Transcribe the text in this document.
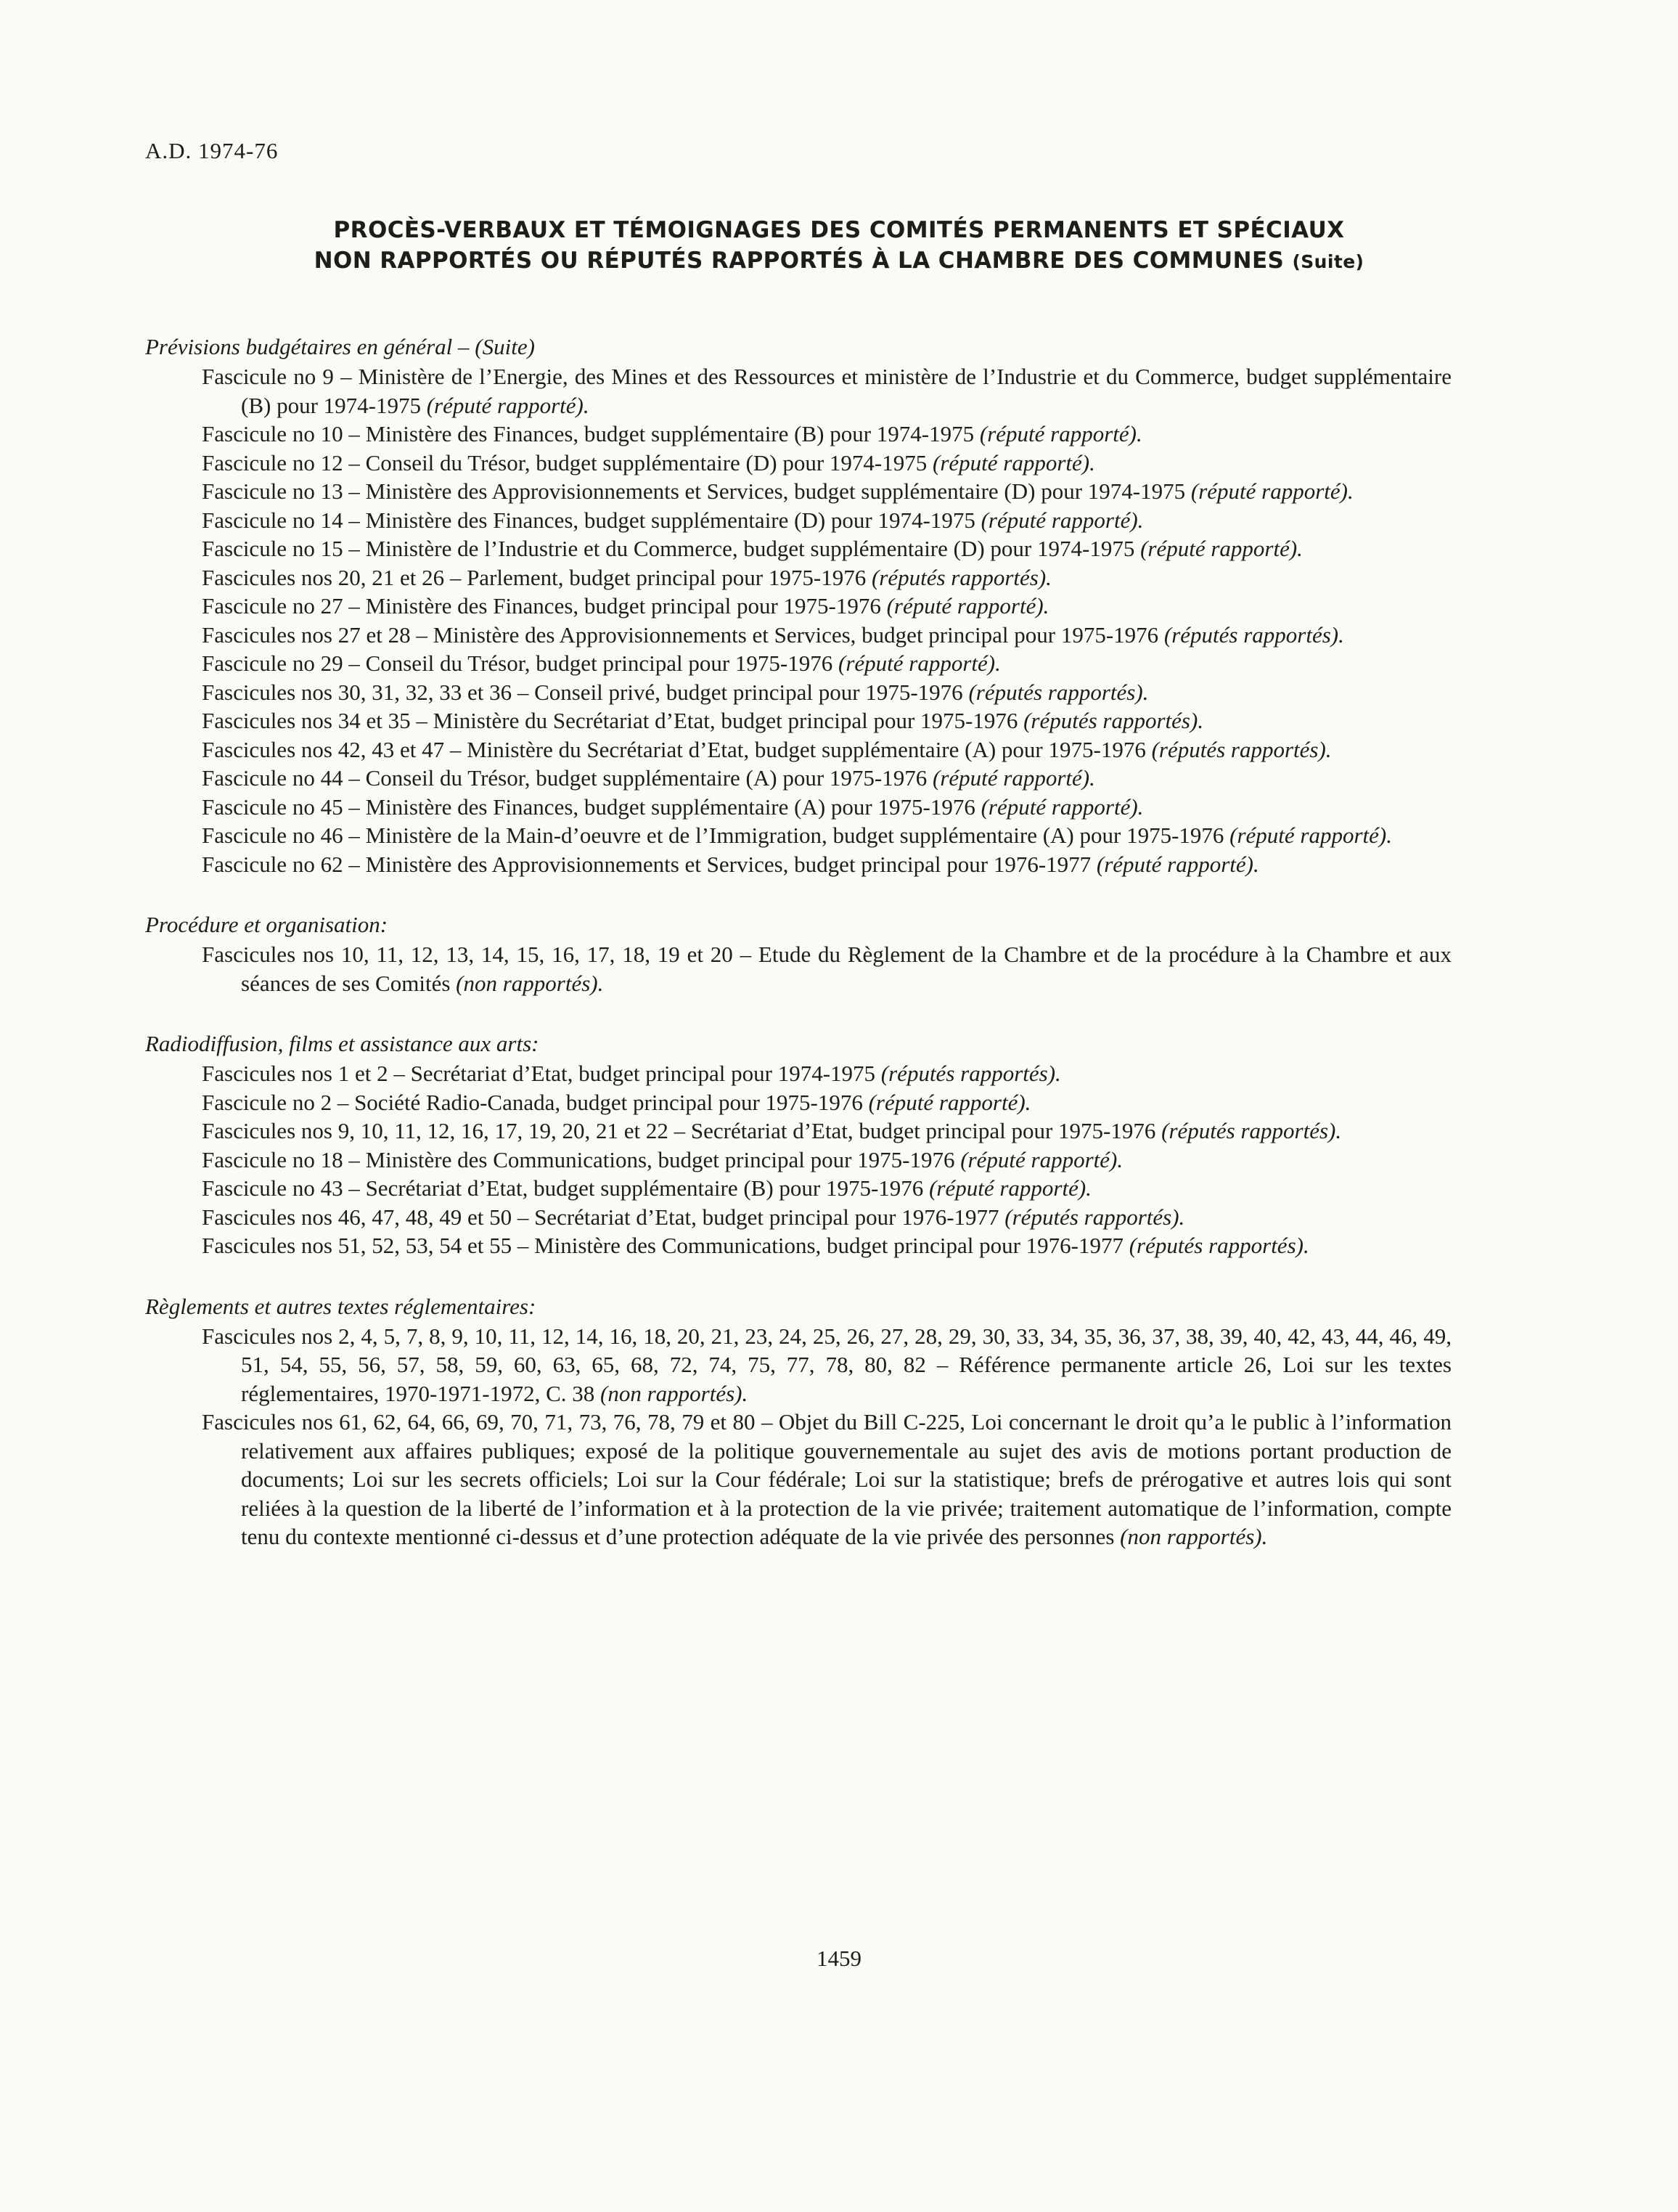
A.D. 1974-76
PROCÈS-VERBAUX ET TÉMOIGNAGES DES COMITÉS PERMANENTS ET SPÉCIAUX
NON RAPPORTÉS OU RÉPUTÉS RAPPORTÉS À LA CHAMBRE DES COMMUNES (Suite)
Prévisions budgétaires en général – (Suite)
Fascicule no 9 – Ministère de l’Energie, des Mines et des Ressources et ministère de l’Industrie et du Commerce, budget supplémentaire (B) pour 1974-1975 (réputé rapporté).
Fascicule no 10 – Ministère des Finances, budget supplémentaire (B) pour 1974-1975 (réputé rapporté).
Fascicule no 12 – Conseil du Trésor, budget supplémentaire (D) pour 1974-1975 (réputé rapporté).
Fascicule no 13 – Ministère des Approvisionnements et Services, budget supplémentaire (D) pour 1974-1975 (réputé rapporté).
Fascicule no 14 – Ministère des Finances, budget supplémentaire (D) pour 1974-1975 (réputé rapporté).
Fascicule no 15 – Ministère de l’Industrie et du Commerce, budget supplémentaire (D) pour 1974-1975 (réputé rapporté).
Fascicules nos 20, 21 et 26 – Parlement, budget principal pour 1975-1976 (réputés rapportés).
Fascicule no 27 – Ministère des Finances, budget principal pour 1975-1976 (réputé rapporté).
Fascicules nos 27 et 28 – Ministère des Approvisionnements et Services, budget principal pour 1975-1976 (réputés rapportés).
Fascicule no 29 – Conseil du Trésor, budget principal pour 1975-1976 (réputé rapporté).
Fascicules nos 30, 31, 32, 33 et 36 – Conseil privé, budget principal pour 1975-1976 (réputés rapportés).
Fascicules nos 34 et 35 – Ministère du Secrétariat d’Etat, budget principal pour 1975-1976 (réputés rapportés).
Fascicules nos 42, 43 et 47 – Ministère du Secrétariat d’Etat, budget supplémentaire (A) pour 1975-1976 (réputés rapportés).
Fascicule no 44 – Conseil du Trésor, budget supplémentaire (A) pour 1975-1976 (réputé rapporté).
Fascicule no 45 – Ministère des Finances, budget supplémentaire (A) pour 1975-1976 (réputé rapporté).
Fascicule no 46 – Ministère de la Main-d’oeuvre et de l’Immigration, budget supplémentaire (A) pour 1975-1976 (réputé rapporté).
Fascicule no 62 – Ministère des Approvisionnements et Services, budget principal pour 1976-1977 (réputé rapporté).
Procédure et organisation:
Fascicules nos 10, 11, 12, 13, 14, 15, 16, 17, 18, 19 et 20 – Etude du Règlement de la Chambre et de la procédure à la Chambre et aux séances de ses Comités (non rapportés).
Radiodiffusion, films et assistance aux arts:
Fascicules nos 1 et 2 – Secrétariat d’Etat, budget principal pour 1974-1975 (réputés rapportés).
Fascicule no 2 – Société Radio-Canada, budget principal pour 1975-1976 (réputé rapporté).
Fascicules nos 9, 10, 11, 12, 16, 17, 19, 20, 21 et 22 – Secrétariat d’Etat, budget principal pour 1975-1976 (réputés rapportés).
Fascicule no 18 – Ministère des Communications, budget principal pour 1975-1976 (réputé rapporté).
Fascicule no 43 – Secrétariat d’Etat, budget supplémentaire (B) pour 1975-1976 (réputé rapporté).
Fascicules nos 46, 47, 48, 49 et 50 – Secrétariat d’Etat, budget principal pour 1976-1977 (réputés rapportés).
Fascicules nos 51, 52, 53, 54 et 55 – Ministère des Communications, budget principal pour 1976-1977 (réputés rapportés).
Règlements et autres textes réglementaires:
Fascicules nos 2, 4, 5, 7, 8, 9, 10, 11, 12, 14, 16, 18, 20, 21, 23, 24, 25, 26, 27, 28, 29, 30, 33, 34, 35, 36, 37, 38, 39, 40, 42, 43, 44, 46, 49, 51, 54, 55, 56, 57, 58, 59, 60, 63, 65, 68, 72, 74, 75, 77, 78, 80, 82 – Référence permanente article 26, Loi sur les textes réglementaires, 1970-1971-1972, C. 38 (non rapportés).
Fascicules nos 61, 62, 64, 66, 69, 70, 71, 73, 76, 78, 79 et 80 – Objet du Bill C-225, Loi concernant le droit qu’a le public à l’information relativement aux affaires publiques; exposé de la politique gouvernementale au sujet des avis de motions portant production de documents; Loi sur les secrets officiels; Loi sur la Cour fédérale; Loi sur la statistique; brefs de prérogative et autres lois qui sont reliées à la question de la liberté de l’information et à la protection de la vie privée; traitement automatique de l’information, compte tenu du contexte mentionné ci-dessus et d’une protection adéquate de la vie privée des personnes (non rapportés).
1459
